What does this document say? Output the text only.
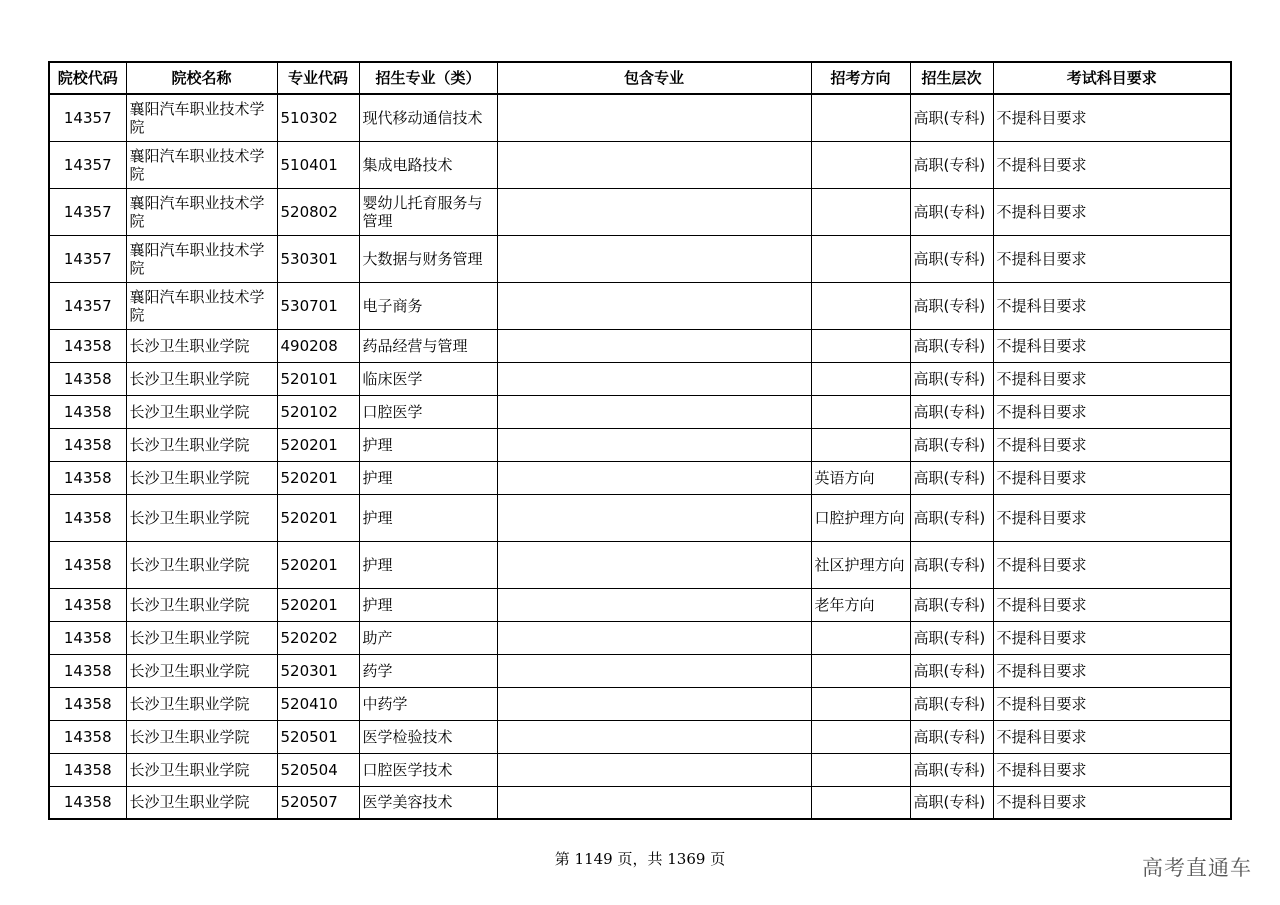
院校代码	院校名称	专业代码	招生专业（类）	包含专业	招考方向	招生层次	考试科目要求
14357	襄阳汽车职业技术学院	510302	现代移动通信技术			高职(专科)	不提科目要求
14357	襄阳汽车职业技术学院	510401	集成电路技术			高职(专科)	不提科目要求
14357	襄阳汽车职业技术学院	520802	婴幼儿托育服务与管理			高职(专科)	不提科目要求
14357	襄阳汽车职业技术学院	530301	大数据与财务管理			高职(专科)	不提科目要求
14357	襄阳汽车职业技术学院	530701	电子商务			高职(专科)	不提科目要求
14358	长沙卫生职业学院	490208	药品经营与管理			高职(专科)	不提科目要求
14358	长沙卫生职业学院	520101	临床医学			高职(专科)	不提科目要求
14358	长沙卫生职业学院	520102	口腔医学			高职(专科)	不提科目要求
14358	长沙卫生职业学院	520201	护理			高职(专科)	不提科目要求
14358	长沙卫生职业学院	520201	护理		英语方向	高职(专科)	不提科目要求
14358	长沙卫生职业学院	520201	护理		口腔护理方向	高职(专科)	不提科目要求
14358	长沙卫生职业学院	520201	护理		社区护理方向	高职(专科)	不提科目要求
14358	长沙卫生职业学院	520201	护理		老年方向	高职(专科)	不提科目要求
14358	长沙卫生职业学院	520202	助产			高职(专科)	不提科目要求
14358	长沙卫生职业学院	520301	药学			高职(专科)	不提科目要求
14358	长沙卫生职业学院	520410	中药学			高职(专科)	不提科目要求
14358	长沙卫生职业学院	520501	医学检验技术			高职(专科)	不提科目要求
14358	长沙卫生职业学院	520504	口腔医学技术			高职(专科)	不提科目要求
14358	长沙卫生职业学院	520507	医学美容技术			高职(专科)	不提科目要求
第 1149 页，共 1369 页	高考直通车
